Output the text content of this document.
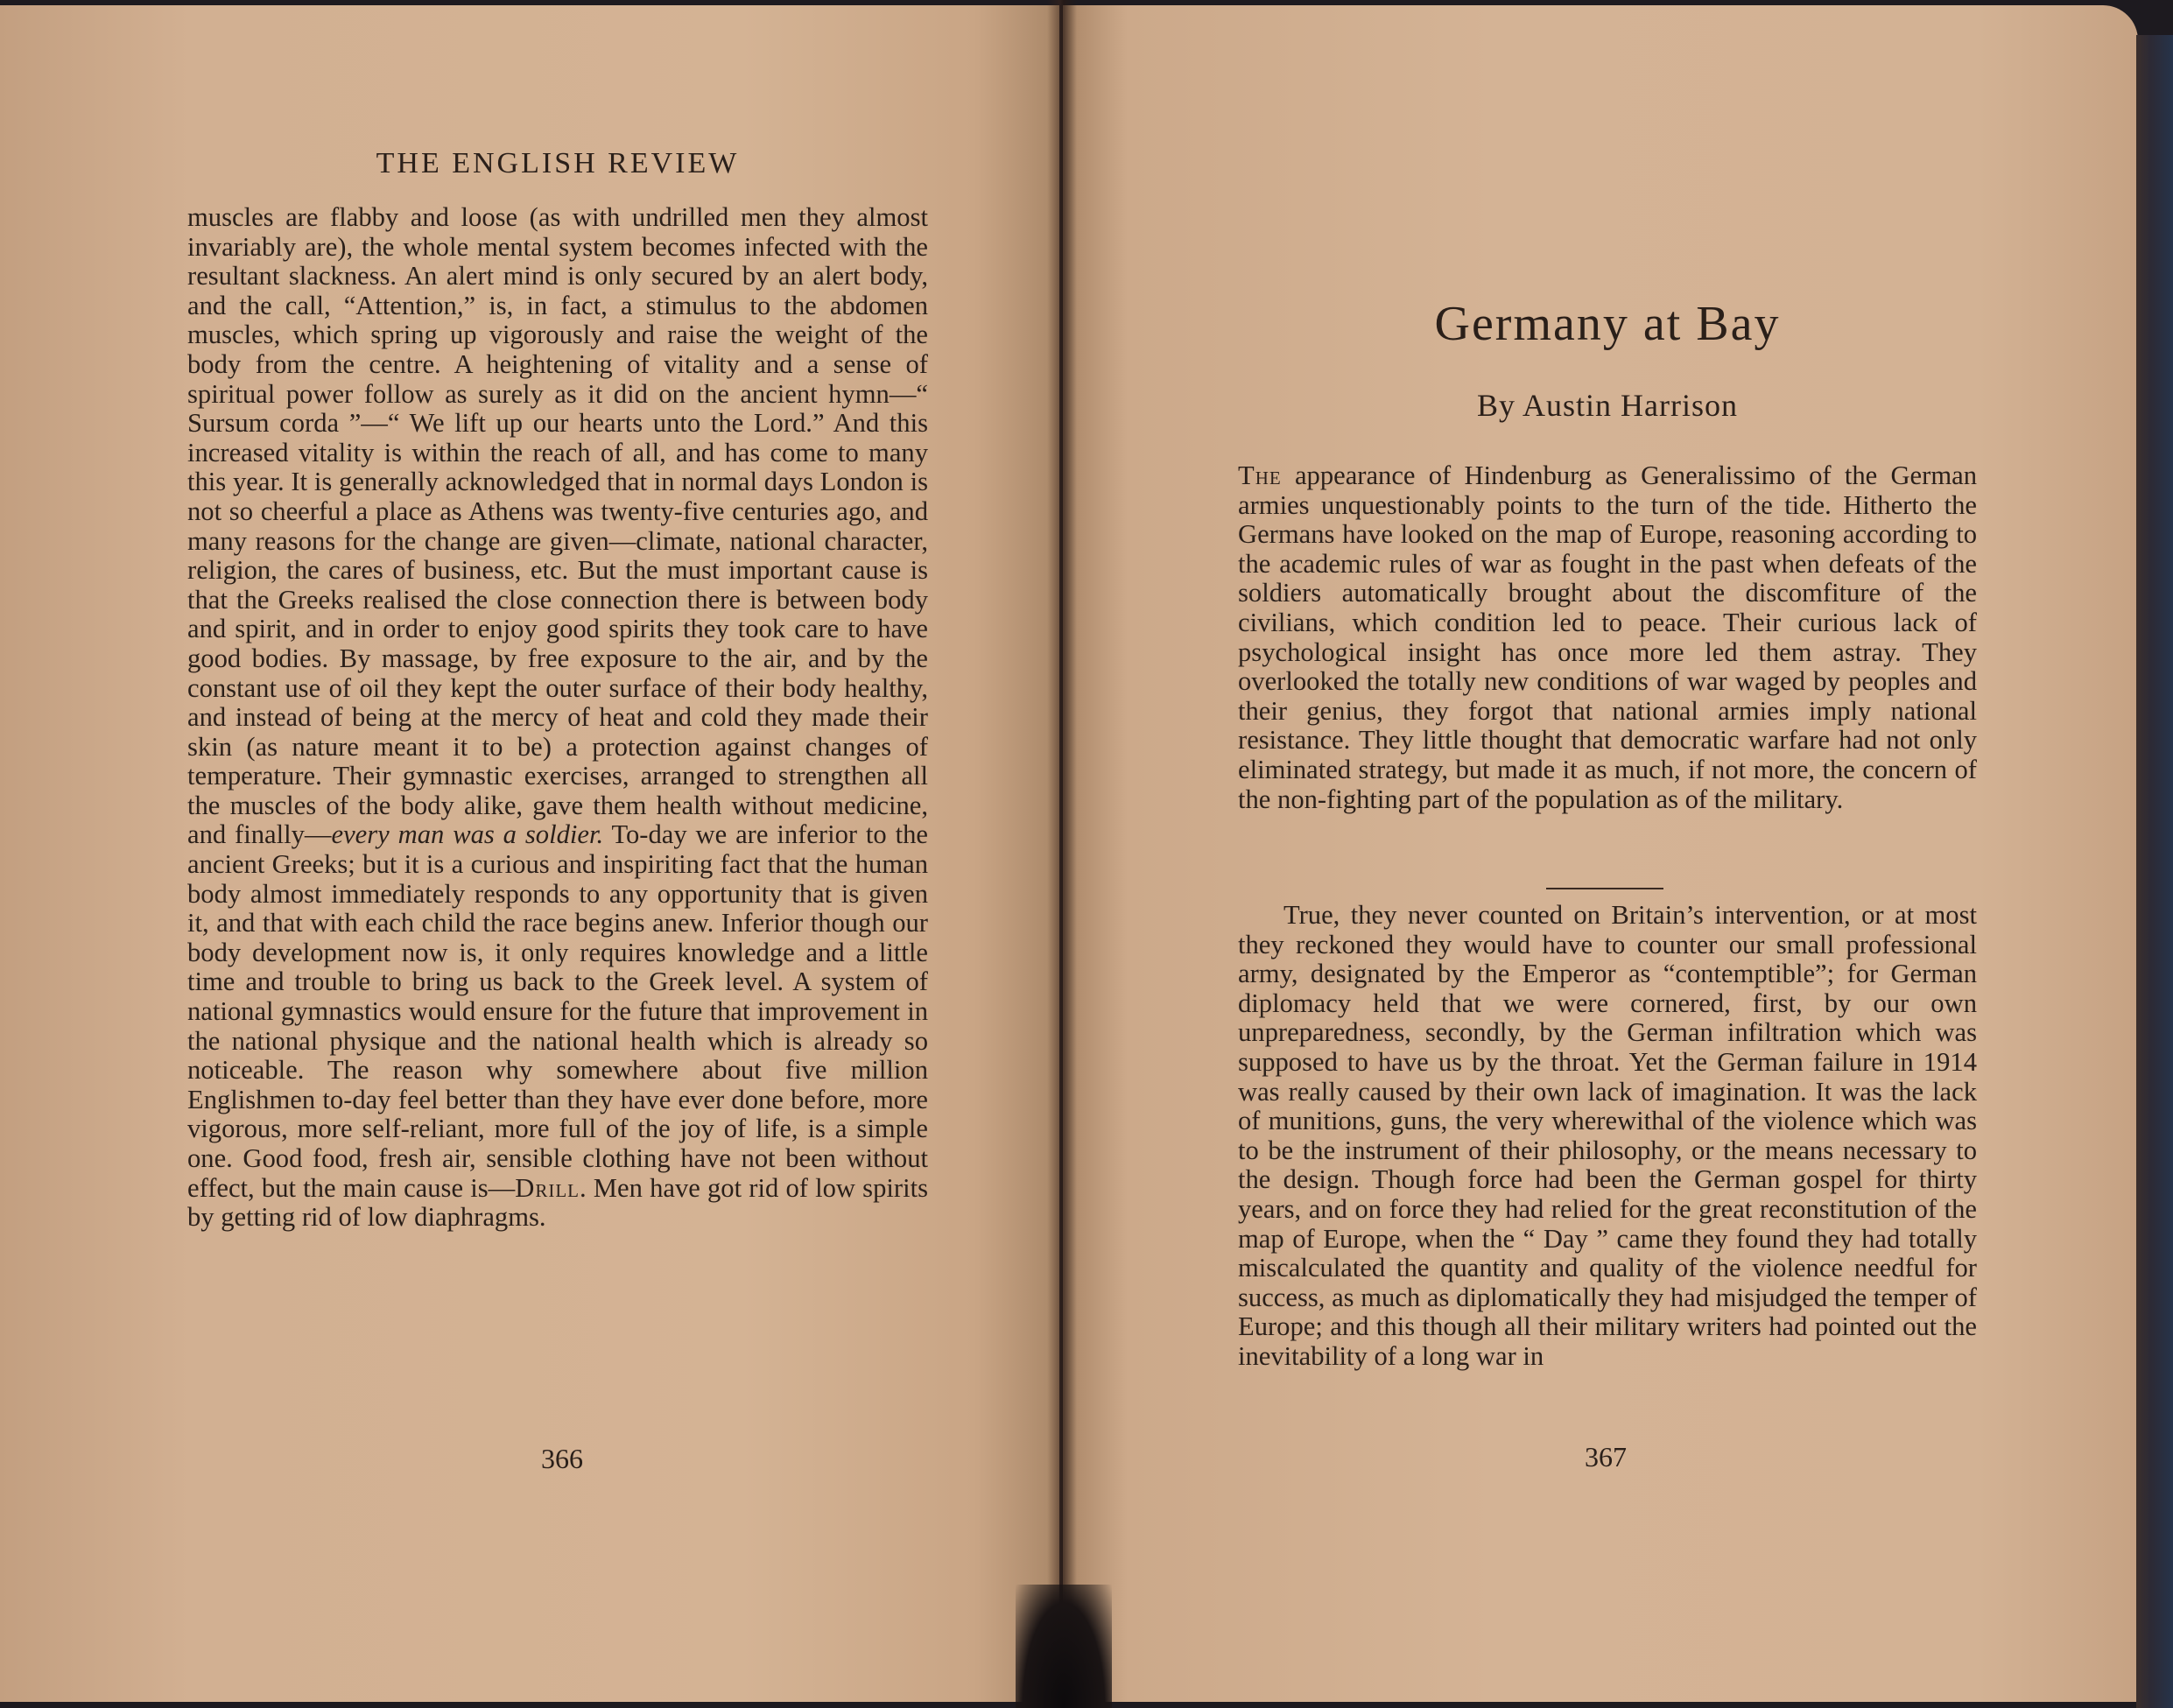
THE ENGLISH REVIEW

muscles are flabby and loose (as with undrilled men they almost invariably are), the whole mental system becomes infected with the resultant slackness. An alert mind is only secured by an alert body, and the call, “Attention,” is, in fact, a stimulus to the abdomen muscles, which spring up vigorously and raise the weight of the body from the centre. A heightening of vitality and a sense of spiritual power follow as surely as it did on the ancient hymn—“ Sursum corda ”—“ We lift up our hearts unto the Lord.” And this increased vitality is within the reach of all, and has come to many this year. It is generally acknowledged that in normal days London is not so cheerful a place as Athens was twenty-five centuries ago, and many reasons for the change are given—climate, national character, religion, the cares of business, etc. But the must important cause is that the Greeks realised the close connection there is between body and spirit, and in order to enjoy good spirits they took care to have good bodies. By massage, by free exposure to the air, and by the constant use of oil they kept the outer surface of their body healthy, and instead of being at the mercy of heat and cold they made their skin (as nature meant it to be) a protection against changes of temperature. Their gymnastic exercises, arranged to strengthen all the muscles of the body alike, gave them health without medicine, and finally—every man was a soldier. To-day we are inferior to the ancient Greeks; but it is a curious and inspiriting fact that the human body almost immediately responds to any opportunity that is given it, and that with each child the race begins anew. Inferior though our body development now is, it only requires knowledge and a little time and trouble to bring us back to the Greek level. A system of national gymnastics would ensure for the future that improvement in the national physique and the national health which is already so noticeable. The reason why somewhere about five million Englishmen to-day feel better than they have ever done before, more vigorous, more self-reliant, more full of the joy of life, is a simple one. Good food, fresh air, sensible clothing have not been without effect, but the main cause is—Drill. Men have got rid of low spirits by getting rid of low diaphragms.

366
Germany at Bay
By Austin Harrison

The appearance of Hindenburg as Generalissimo of the German armies unquestionably points to the turn of the tide. Hitherto the Germans have looked on the map of Europe, reasoning according to the academic rules of war as fought in the past when defeats of the soldiers automatically brought about the discomfiture of the civilians, which condition led to peace. Their curious lack of psychological insight has once more led them astray. They overlooked the totally new conditions of war waged by peoples and their genius, they forgot that national armies imply national resistance. They little thought that democratic warfare had not only eliminated strategy, but made it as much, if not more, the concern of the non-fighting part of the population as of the military.

True, they never counted on Britain’s intervention, or at most they reckoned they would have to counter our small professional army, designated by the Emperor as “contemptible”; for German diplomacy held that we were cornered, first, by our own unpreparedness, secondly, by the German infiltration which was supposed to have us by the throat. Yet the German failure in 1914 was really caused by their own lack of imagination. It was the lack of munitions, guns, the very wherewithal of the violence which was to be the instrument of their philosophy, or the means necessary to the design. Though force had been the German gospel for thirty years, and on force they had relied for the great reconstitution of the map of Europe, when the “ Day ” came they found they had totally miscalculated the quantity and quality of the violence needful for success, as much as diplomatically they had misjudged the temper of Europe; and this though all their military writers had pointed out the inevitability of a long war in

367
